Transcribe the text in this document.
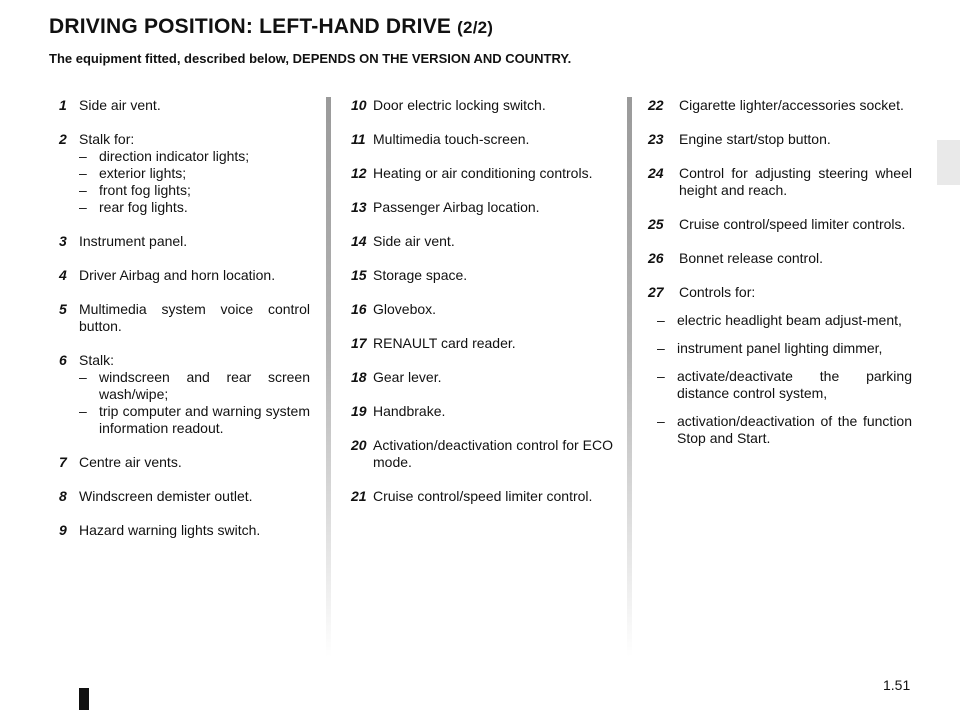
DRIVING POSITION: LEFT-HAND DRIVE (2/2)

The equipment fitted, described below, DEPENDS ON THE VERSION AND COUNTRY.

1 Side air vent.
2 Stalk for:
– direction indicator lights;
– exterior lights;
– front fog lights;
– rear fog lights.
3 Instrument panel.
4 Driver Airbag and horn location.
5 Multimedia system voice control button.
6 Stalk:
– windscreen and rear screen wash/wipe;
– trip computer and warning system information readout.
7 Centre air vents.
8 Windscreen demister outlet.
9 Hazard warning lights switch.
10 Door electric locking switch.
11 Multimedia touch-screen.
12 Heating or air conditioning controls.
13 Passenger Airbag location.
14 Side air vent.
15 Storage space.
16 Glovebox.
17 RENAULT card reader.
18 Gear lever.
19 Handbrake.
20 Activation/deactivation control for ECO mode.
21 Cruise control/speed limiter control.
22	Cigarette lighter/accessories socket.
23	Engine start/stop button.
24	Control for adjusting steering wheel height and reach.
25	Cruise control/speed limiter controls.
26	Bonnet release control.
27	Controls for:
– electric headlight beam adjust-ment,
– instrument panel lighting dimmer,
– activate/deactivate the parking distance control system,
– activation/deactivation of the function Stop and Start.
1.51
